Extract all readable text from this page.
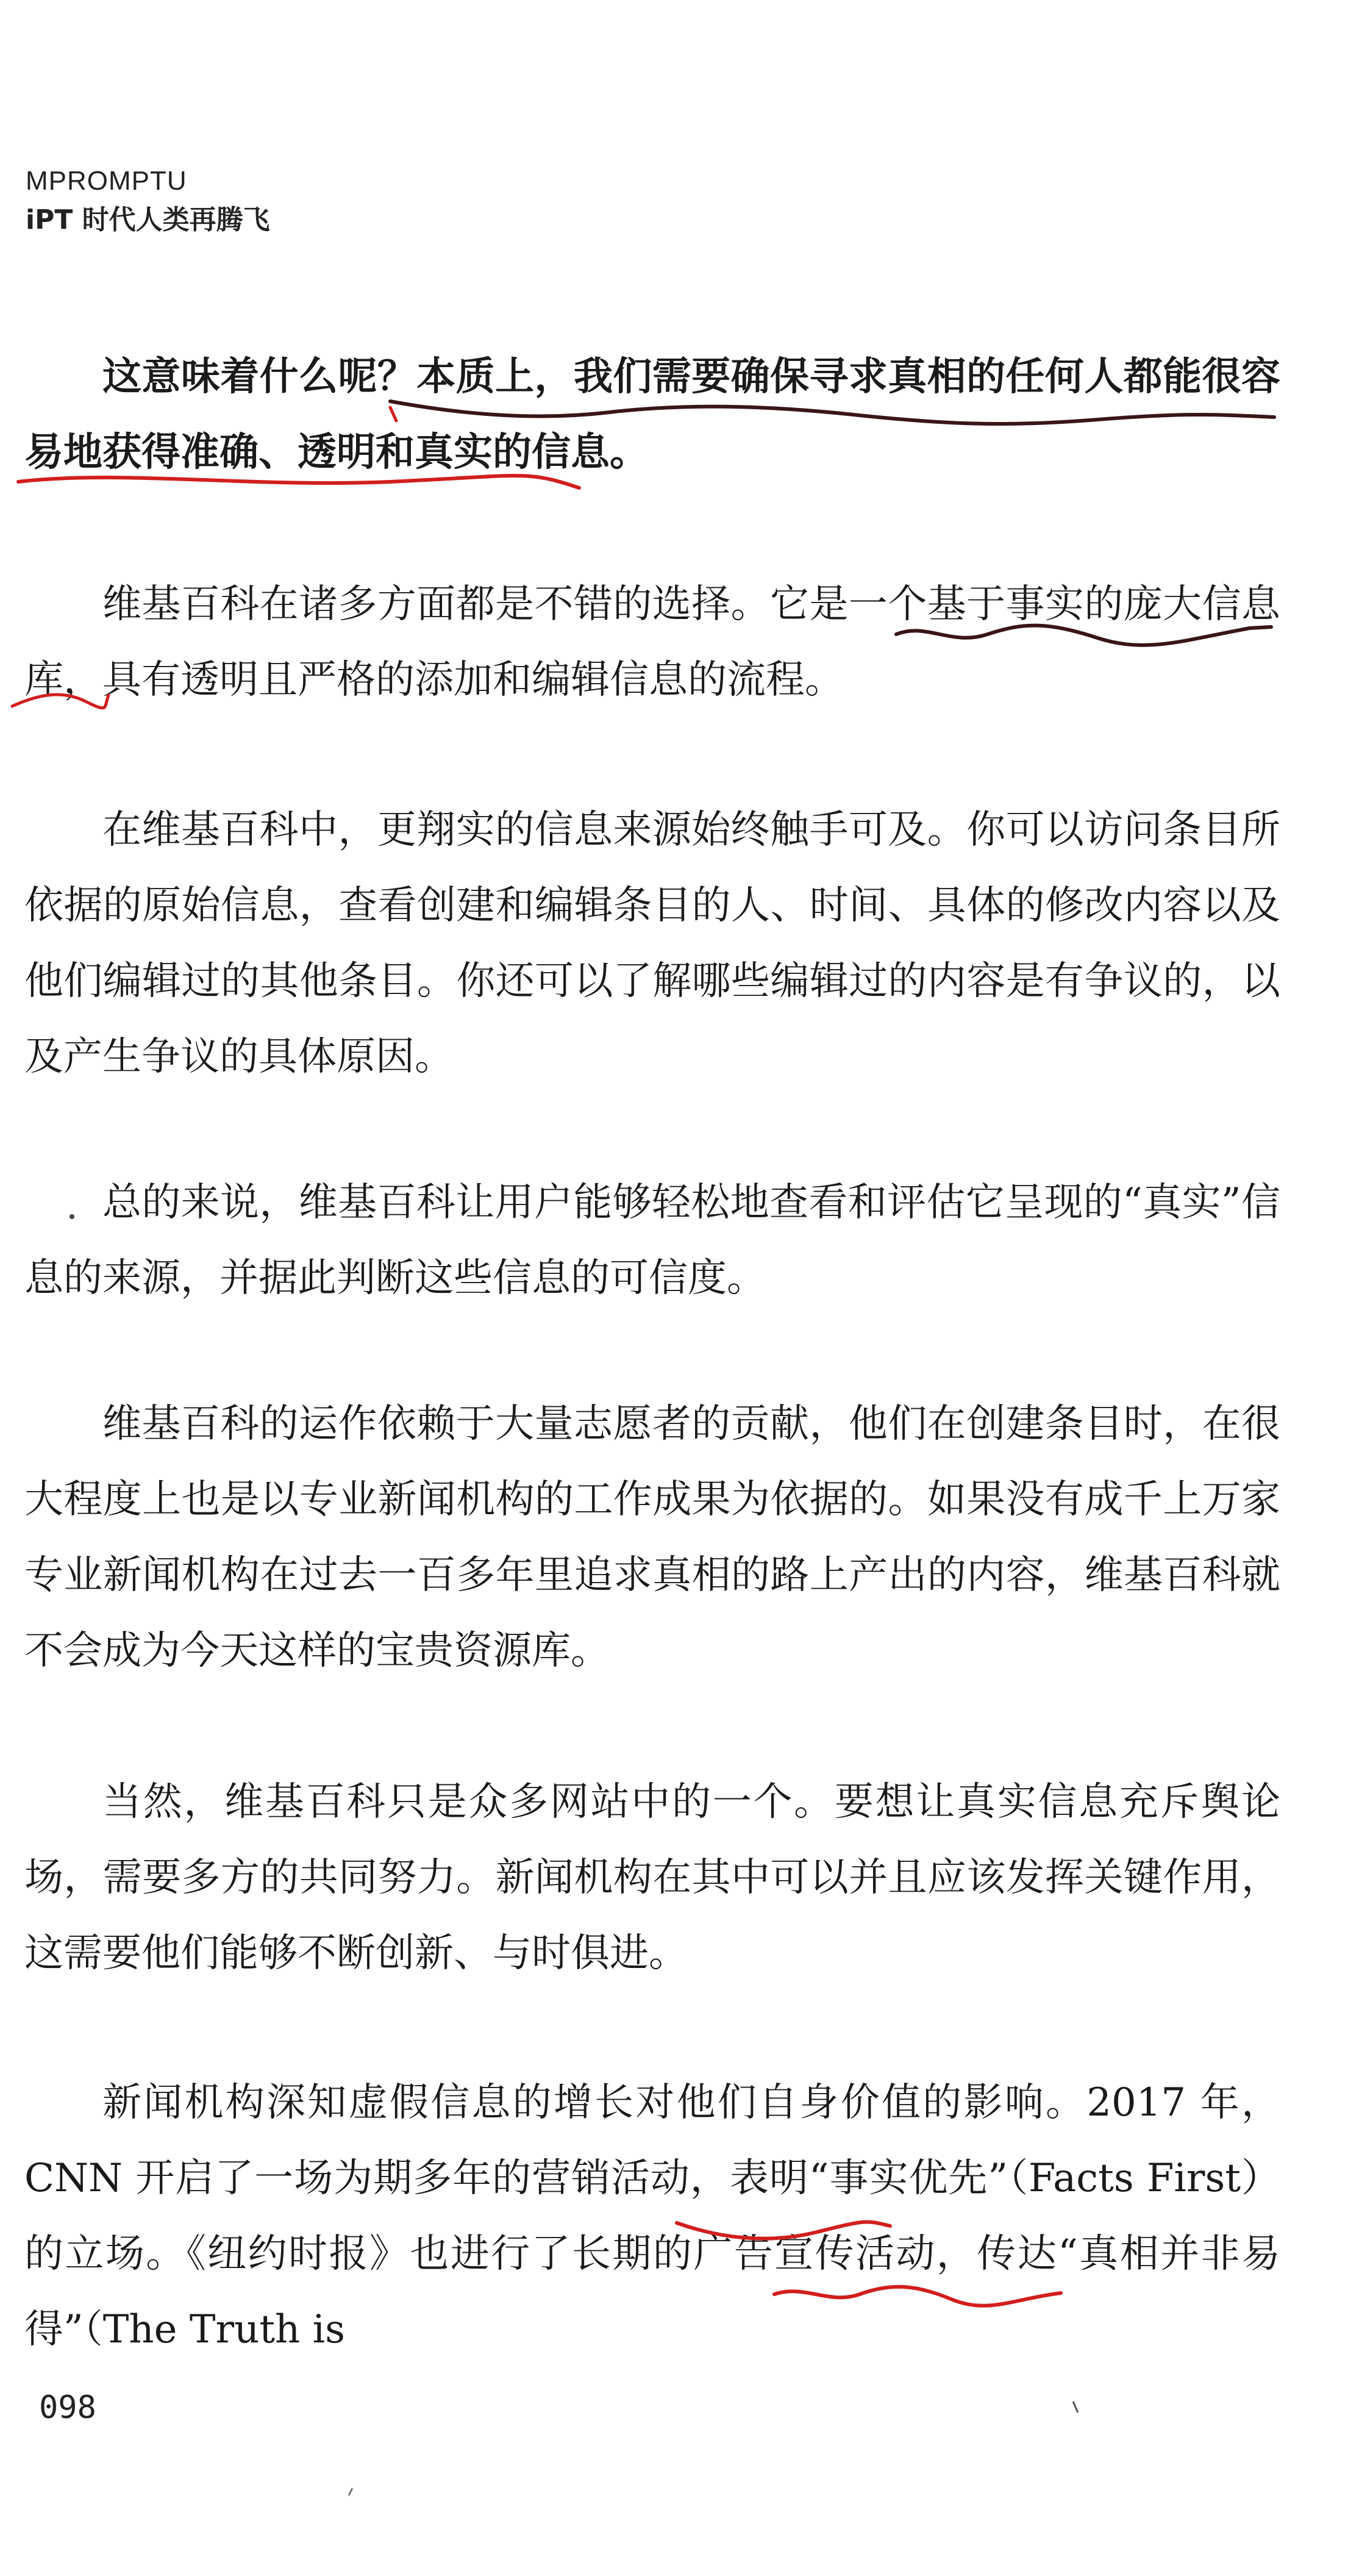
MPROMPTU
iPT 时代人类再腾飞

这意味着什么呢？本质上，我们需要确保寻求真相的任何人都能很容易地获得准确、透明和真实的信息。

维基百科在诸多方面都是不错的选择。它是一个基于事实的庞大信息库，具有透明且严格的添加和编辑信息的流程。

在维基百科中，更翔实的信息来源始终触手可及。你可以访问条目所依据的原始信息，查看创建和编辑条目的人、时间、具体的修改内容以及他们编辑过的其他条目。你还可以了解哪些编辑过的内容是有争议的，以及产生争议的具体原因。

总的来说，维基百科让用户能够轻松地查看和评估它呈现的“真实”信息的来源，并据此判断这些信息的可信度。

维基百科的运作依赖于大量志愿者的贡献，他们在创建条目时，在很大程度上也是以专业新闻机构的工作成果为依据的。如果没有成千上万家专业新闻机构在过去一百多年里追求真相的路上产出的内容，维基百科就不会成为今天这样的宝贵资源库。

当然，维基百科只是众多网站中的一个。要想让真实信息充斥舆论场，需要多方的共同努力。新闻机构在其中可以并且应该发挥关键作用，这需要他们能够不断创新、与时俱进。

新闻机构深知虚假信息的增长对他们自身价值的影响。2017 年，CNN 开启了一场为期多年的营销活动，表明“事实优先”（Facts First）的立场。《纽约时报》也进行了长期的广告宣传活动，传达“真相并非易得”（The Truth is

098
